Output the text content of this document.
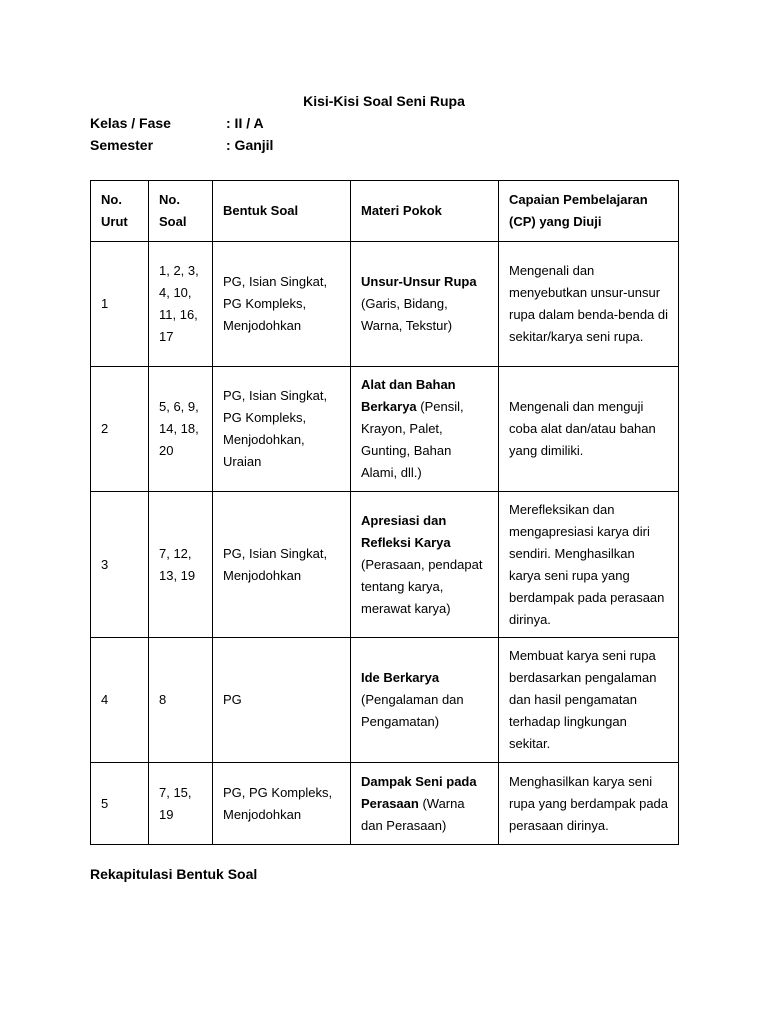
Kisi-Kisi Soal Seni Rupa
Kelas / Fase	: II / A
Semester	: Ganjil
No. Urut	No. Soal	Bentuk Soal	Materi Pokok	Capaian Pembelajaran (CP) yang Diuji
1	1, 2, 3, 4, 10, 11, 16, 17	PG, Isian Singkat, PG Kompleks, Menjodohkan	Unsur-Unsur Rupa (Garis, Bidang, Warna, Tekstur)	Mengenali dan menyebutkan unsur-unsur rupa dalam benda-benda di sekitar/karya seni rupa.
2	5, 6, 9, 14, 18, 20	PG, Isian Singkat, PG Kompleks, Menjodohkan, Uraian	Alat dan Bahan Berkarya (Pensil, Krayon, Palet, Gunting, Bahan Alami, dll.)	Mengenali dan menguji coba alat dan/atau bahan yang dimiliki.
3	7, 12, 13, 19	PG, Isian Singkat, Menjodohkan	Apresiasi dan Refleksi Karya (Perasaan, pendapat tentang karya, merawat karya)	Merefleksikan dan mengapresiasi karya diri sendiri. Menghasilkan karya seni rupa yang berdampak pada perasaan dirinya.
4	8	PG	Ide Berkarya (Pengalaman dan Pengamatan)	Membuat karya seni rupa berdasarkan pengalaman dan hasil pengamatan terhadap lingkungan sekitar.
5	7, 15, 19	PG, PG Kompleks, Menjodohkan	Dampak Seni pada Perasaan (Warna dan Perasaan)	Menghasilkan karya seni rupa yang berdampak pada perasaan dirinya.
Rekapitulasi Bentuk Soal
